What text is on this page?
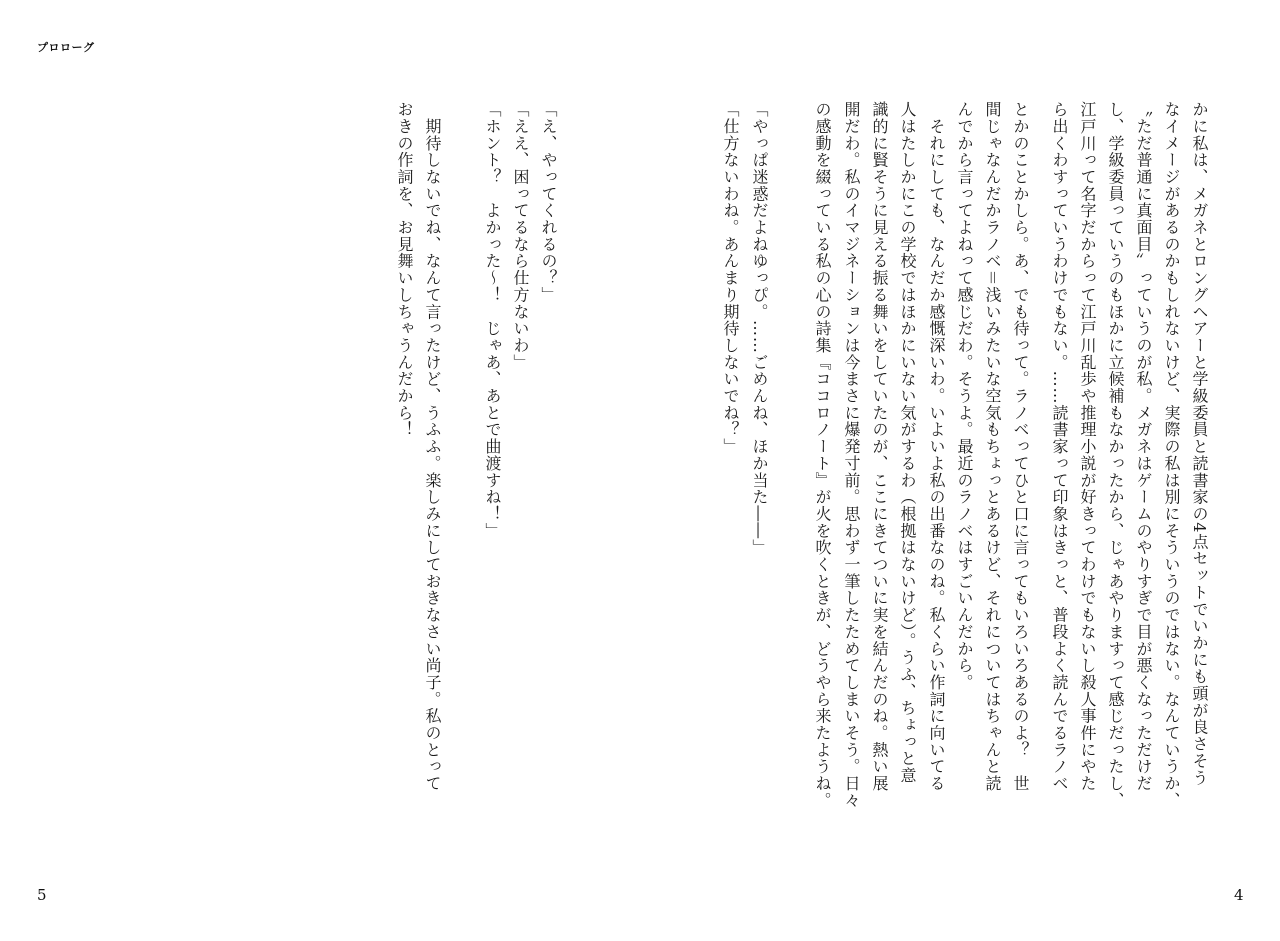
プロローグ
かに私は、メガネとロングヘアーと学級委員と読書家の4点セットでいかにも頭が良さそう
なイメージがあるのかもしれないけど、実際の私は別にそういうのではない。なんていうか、
〝ただ普通に真面目〟っていうのが私。メガネはゲームのやりすぎで目が悪くなっただけだ
し、学級委員っていうのもほかに立候補もなかったから、じゃあやりますって感じだったし、
江戸川って名字だからって江戸川乱歩や推理小説が好きってわけでもないし殺人事件にやた
ら出くわすっていうわけでもない。……読書家って印象はきっと、普段よく読んでるラノベ
とかのことかしら。あ、でも待って。ラノベってひと口に言ってもいろいろあるのよ？　世
間じゃなんだかラノベ＝浅いみたいな空気もちょっとあるけど、それについてはちゃんと読
んでから言ってよねって感じだわ。そうよ。最近のラノベはすごいんだから。
　それにしても、なんだか感慨深いわ。いよいよ私の出番なのね。私くらい作詞に向いてる
人はたしかにこの学校ではほかにいない気がするわ（根拠はないけど）。うふ、ちょっと意
識的に賢そうに見える振る舞いをしていたのが、ここにきてついに実を結んだのね。熱い展
開だわ。私のイマジネーションは今まさに爆発寸前。思わず一筆したためてしまいそう。日々
の感動を綴っている私の心の詩集『ココロノート』が火を吹くときが、どうやら来たようね。
「やっぱ迷惑だよねゆっぴ。……ごめんね、ほか当た――」
「仕方ないわね。あんまり期待しないでね？」
「え、やってくれるの？」
「ええ、困ってるなら仕方ないわ」
「ホント？　よかった～！　じゃあ、あとで曲渡すね！」
　期待しないでね、なんて言ったけど、うふふ。楽しみにしておきなさい尚子。私のとって
おきの作詞を、お見舞いしちゃうんだから！
5	4
